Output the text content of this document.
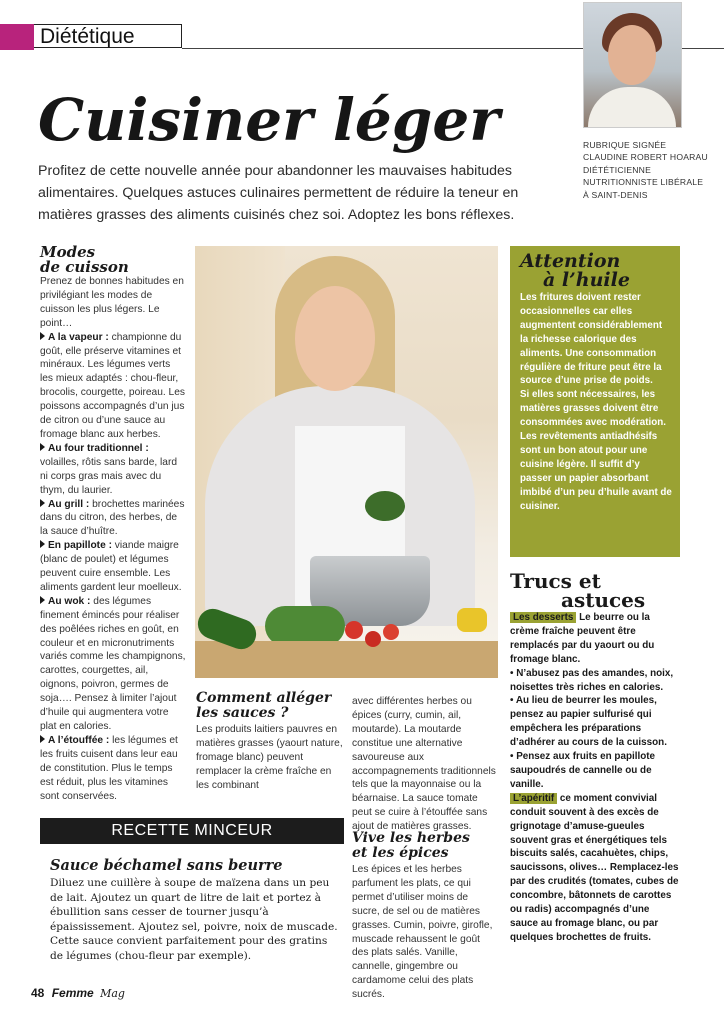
Diététique
Cuisiner léger
Profitez de cette nouvelle année pour abandonner les mauvaises habitudes alimentaires. Quelques astuces culinaires permettent de réduire la teneur en matières grasses des aliments cuisinés chez soi. Adoptez les bons réflexes.
RUBRIQUE SIGNÉE
CLAUDINE ROBERT HOARAU
DIÉTÉTICIENNE
NUTRITIONNISTE LIBÉRALE
À SAINT-DENIS
Modes
de cuisson

Prenez de bonnes habitudes en privilégiant les modes de cuisson les plus légers. Le point…

A la vapeur : championne du goût, elle préserve vitamines et minéraux. Les légumes verts les mieux adaptés : chou-fleur, brocolis, courgette, poireau. Les poissons accompagnés d’un jus de citron ou d’une sauce au fromage blanc aux herbes.

Au four traditionnel : volailles, rôtis sans barde, lard ni corps gras mais avec du thym, du laurier.

Au grill : brochettes marinées dans du citron, des herbes, de la sauce d’huître.

En papillote : viande maigre (blanc de poulet) et légumes peuvent cuire ensemble. Les aliments gardent leur moelleux.

Au wok : des légumes finement émincés pour réaliser des poêlées riches en goût, en couleur et en micronutriments variés comme les champignons, carottes, courgettes, ail, oignons, poivron, germes de soja…. Pensez à limiter l’ajout d’huile qui augmentera votre plat en calories.

A l’étouffée : les légumes et les fruits cuisent dans leur eau de constitution. Plus le temps est réduit, plus les vitamines sont conservées.

Attention
à l’huile

Les fritures doivent rester occasionnelles car elles augmentent considérablement la richesse calorique des aliments. Une consommation régulière de friture peut être la source d’une prise de poids.

Si elles sont nécessaires, les matières grasses doivent être consommées avec modération.

Les revêtements antiadhésifs sont un bon atout pour une cuisine légère. Il suffit d’y passer un papier absorbant imbibé d’un peu d’huile avant de cuisiner.

Trucs et
astuces

Les desserts Le beurre ou la crème fraîche peuvent être remplacés par du yaourt ou du fromage blanc.

• N’abusez pas des amandes, noix, noisettes très riches en calories.

• Au lieu de beurrer les moules, pensez au papier sulfurisé qui empêchera les préparations d’adhérer au cours de la cuisson.

• Pensez aux fruits en papillote saupoudrés de cannelle ou de vanille.

L’apéritif ce moment convivial conduit souvent à des excès de grignotage d’amuse-gueules souvent gras et énergétiques tels biscuits salés, cacahuètes, chips, saucissons, olives… Remplacez-les par des crudités (tomates, cubes de concombre, bâtonnets de carottes ou radis) accompagnés d’une sauce au fromage blanc, ou par quelques brochettes de fruits.

Comment alléger
les sauces ?
Les produits laitiers pauvres en matières grasses (yaourt nature, fromage blanc) peuvent remplacer la crème fraîche en les combinant
avec différentes herbes ou épices (curry, cumin, ail, moutarde). La moutarde constitue une alternative savoureuse aux accompagnements traditionnels tels que la mayonnaise ou la béarnaise. La sauce tomate peut se cuire à l’étouffée sans ajout de matières grasses.
Vive les herbes
et les épices
Les épices et les herbes parfument les plats, ce qui permet d’utiliser moins de sucre, de sel ou de matières grasses. Cumin, poivre, girofle, muscade rehaussent le goût des plats salés. Vanille, cannelle, gingembre ou cardamome celui des plats sucrés.
RECETTE MINCEUR
Sauce béchamel sans beurre
Diluez une cuillère à soupe de maïzena dans un peu de lait. Ajoutez un quart de litre de lait et portez à ébullition sans cesser de tourner jusqu’à épaississement. Ajoutez sel, poivre, noix de muscade. Cette sauce convient parfaitement pour des gratins de légumes (chou-fleur par exemple).
48 Femme Mag
